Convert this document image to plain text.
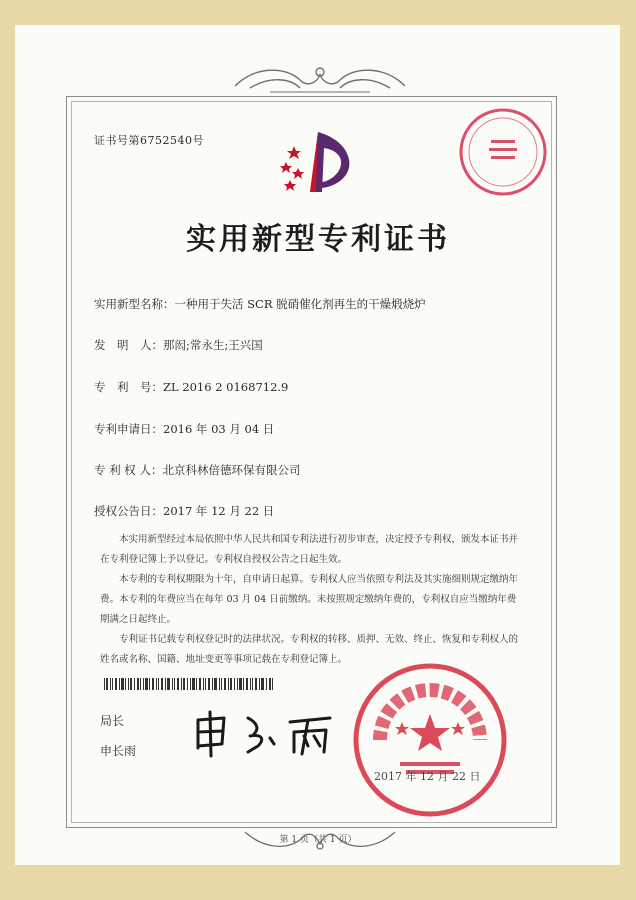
证书号第6752540号
实用新型专利证书
实用新型名称：一种用于失活 SCR 脱硝催化剂再生的干燥煅烧炉
发　明　人：那闳;常永生;王兴国
专　利　号：ZL 2016 2 0168712.9
专利申请日：2016 年 03 月 04 日
专 利 权 人：北京科林倍德环保有限公司
授权公告日：2017 年 12 月 22 日
本实用新型经过本局依照中华人民共和国专利法进行初步审查，决定授予专利权，颁发本证书并在专利登记簿上予以登记。专利权自授权公告之日起生效。
本专利的专利权期限为十年，自申请日起算。专利权人应当依照专利法及其实施细则规定缴纳年费。本专利的年费应当在每年 03 月 04 日前缴纳。未按照规定缴纳年费的，专利权自应当缴纳年费期满之日起终止。
专利证书记载专利权登记时的法律状况。专利权的转移、质押、无效、终止、恢复和专利权人的姓名或名称、国籍、地址变更等事项记载在专利登记簿上。
局长
申长雨
2017 年 12 月 22 日
第 1 页（共 1 页）
